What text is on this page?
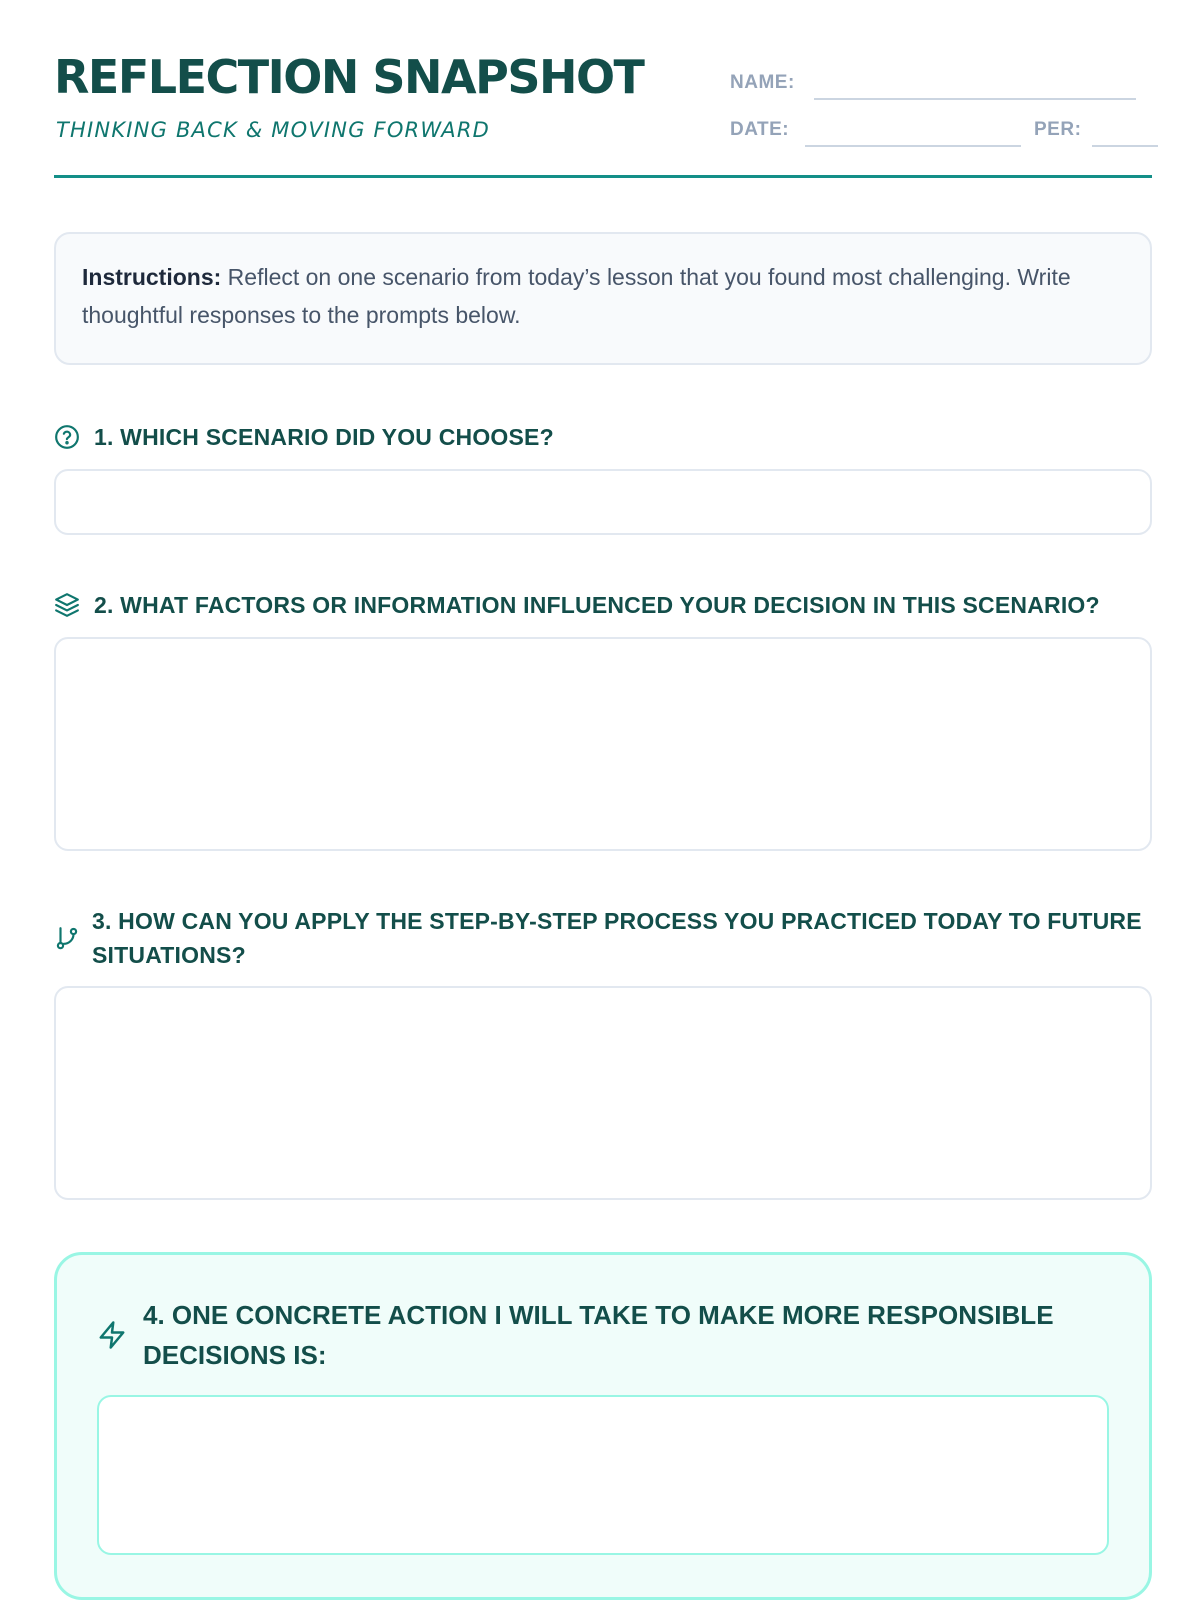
REFLECTION SNAPSHOT
THINKING BACK & MOVING FORWARD
NAME:
DATE:	PER:
Instructions: Reflect on one scenario from today’s lesson that you found most challenging. Write thoughtful responses to the prompts below.
1. WHICH SCENARIO DID YOU CHOOSE?
2. WHAT FACTORS OR INFORMATION INFLUENCED YOUR DECISION IN THIS SCENARIO?
3. HOW CAN YOU APPLY THE STEP-BY-STEP PROCESS YOU PRACTICED TODAY TO FUTURE SITUATIONS?
4. ONE CONCRETE ACTION I WILL TAKE TO MAKE MORE RESPONSIBLE DECISIONS IS:
